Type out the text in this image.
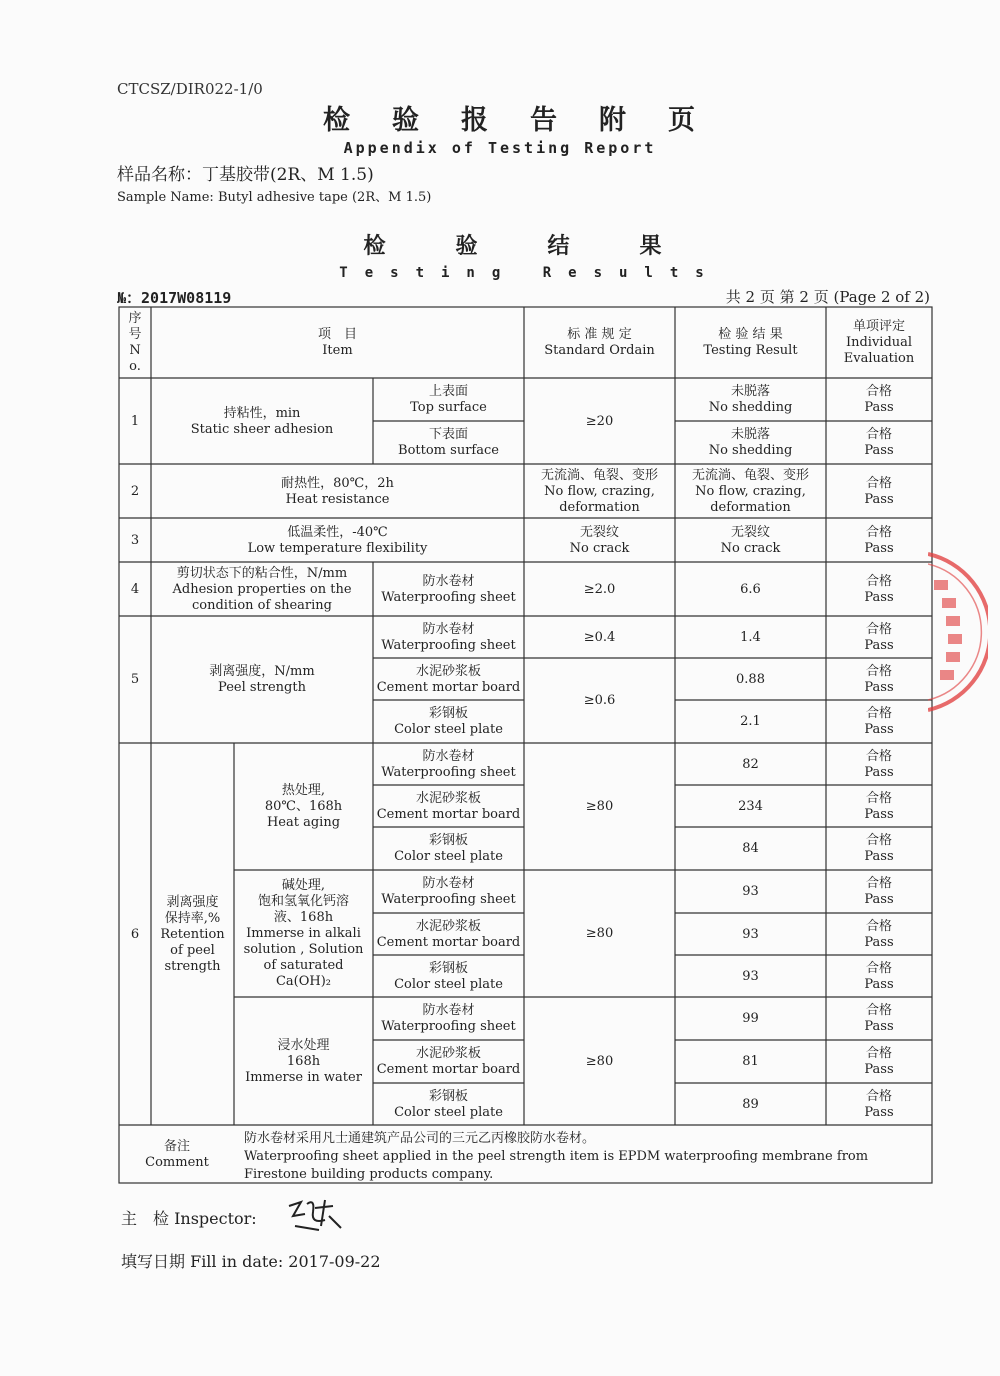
CTCSZ/DIR022-1/0
检验报告附页
Appendix of Testing Report
样品名称：丁基胶带(2R、M 1.5)
Sample Name: Butyl adhesive tape (2R、M 1.5)
检验结果
Testing Results
№：2017W08119	共 2 页 第 2 页 (Page 2 of 2)
序
号
N
o.
项　目
Item
标 准 规 定
Standard Ordain
检 验 结 果
Testing Result
单项评定
Individual
Evaluation
1
持粘性，min
Static sheer adhesion
上表面
Top surface
下表面
Bottom surface
≥20
未脱落
No shedding
未脱落
No shedding
合格
Pass
合格
Pass
2
耐热性，80℃，2h
Heat resistance
无流淌、龟裂、变形
No flow, crazing,
deformation
无流淌、龟裂、变形
No flow, crazing,
deformation
合格
Pass
3
低温柔性，-40℃
Low temperature flexibility
无裂纹
No crack
无裂纹
No crack
合格
Pass
4
剪切状态下的粘合性，N/mm
Adhesion properties on the
condition of shearing
防水卷材
Waterproofing sheet
≥2.0	6.6
合格
Pass
5
剥离强度，N/mm
Peel strength
防水卷材
Waterproofing sheet
水泥砂浆板
Cement mortar board
彩钢板
Color steel plate
≥0.4
≥0.6
1.4
0.88
2.1
合格
Pass
合格
Pass
合格
Pass
6
剥离强度
保持率,%
Retention
of peel
strength
热处理,
80℃、168h
Heat aging
碱处理,
饱和氢氧化钙溶
液、168h
Immerse in alkali
solution , Solution
of saturated
Ca(OH)₂
浸水处理
168h
Immerse in water
防水卷材
Waterproofing sheet
水泥砂浆板
Cement mortar board
彩钢板
Color steel plate
防水卷材
Waterproofing sheet
水泥砂浆板
Cement mortar board
彩钢板
Color steel plate
防水卷材
Waterproofing sheet
水泥砂浆板
Cement mortar board
彩钢板
Color steel plate
≥80
≥80
≥80
82
234
84
93
93
93
99
81
89
合格
Pass
合格
Pass
合格
Pass
合格
Pass
合格
Pass
合格
Pass
合格
Pass
合格
Pass
合格
Pass
备注
Comment
防水卷材采用凡士通建筑产品公司的三元乙丙橡胶防水卷材。
Waterproofing sheet applied in the peel strength item is EPDM waterproofing membrane from Firestone building products company.
主　检 Inspector:
填写日期 Fill in date: 2017-09-22
